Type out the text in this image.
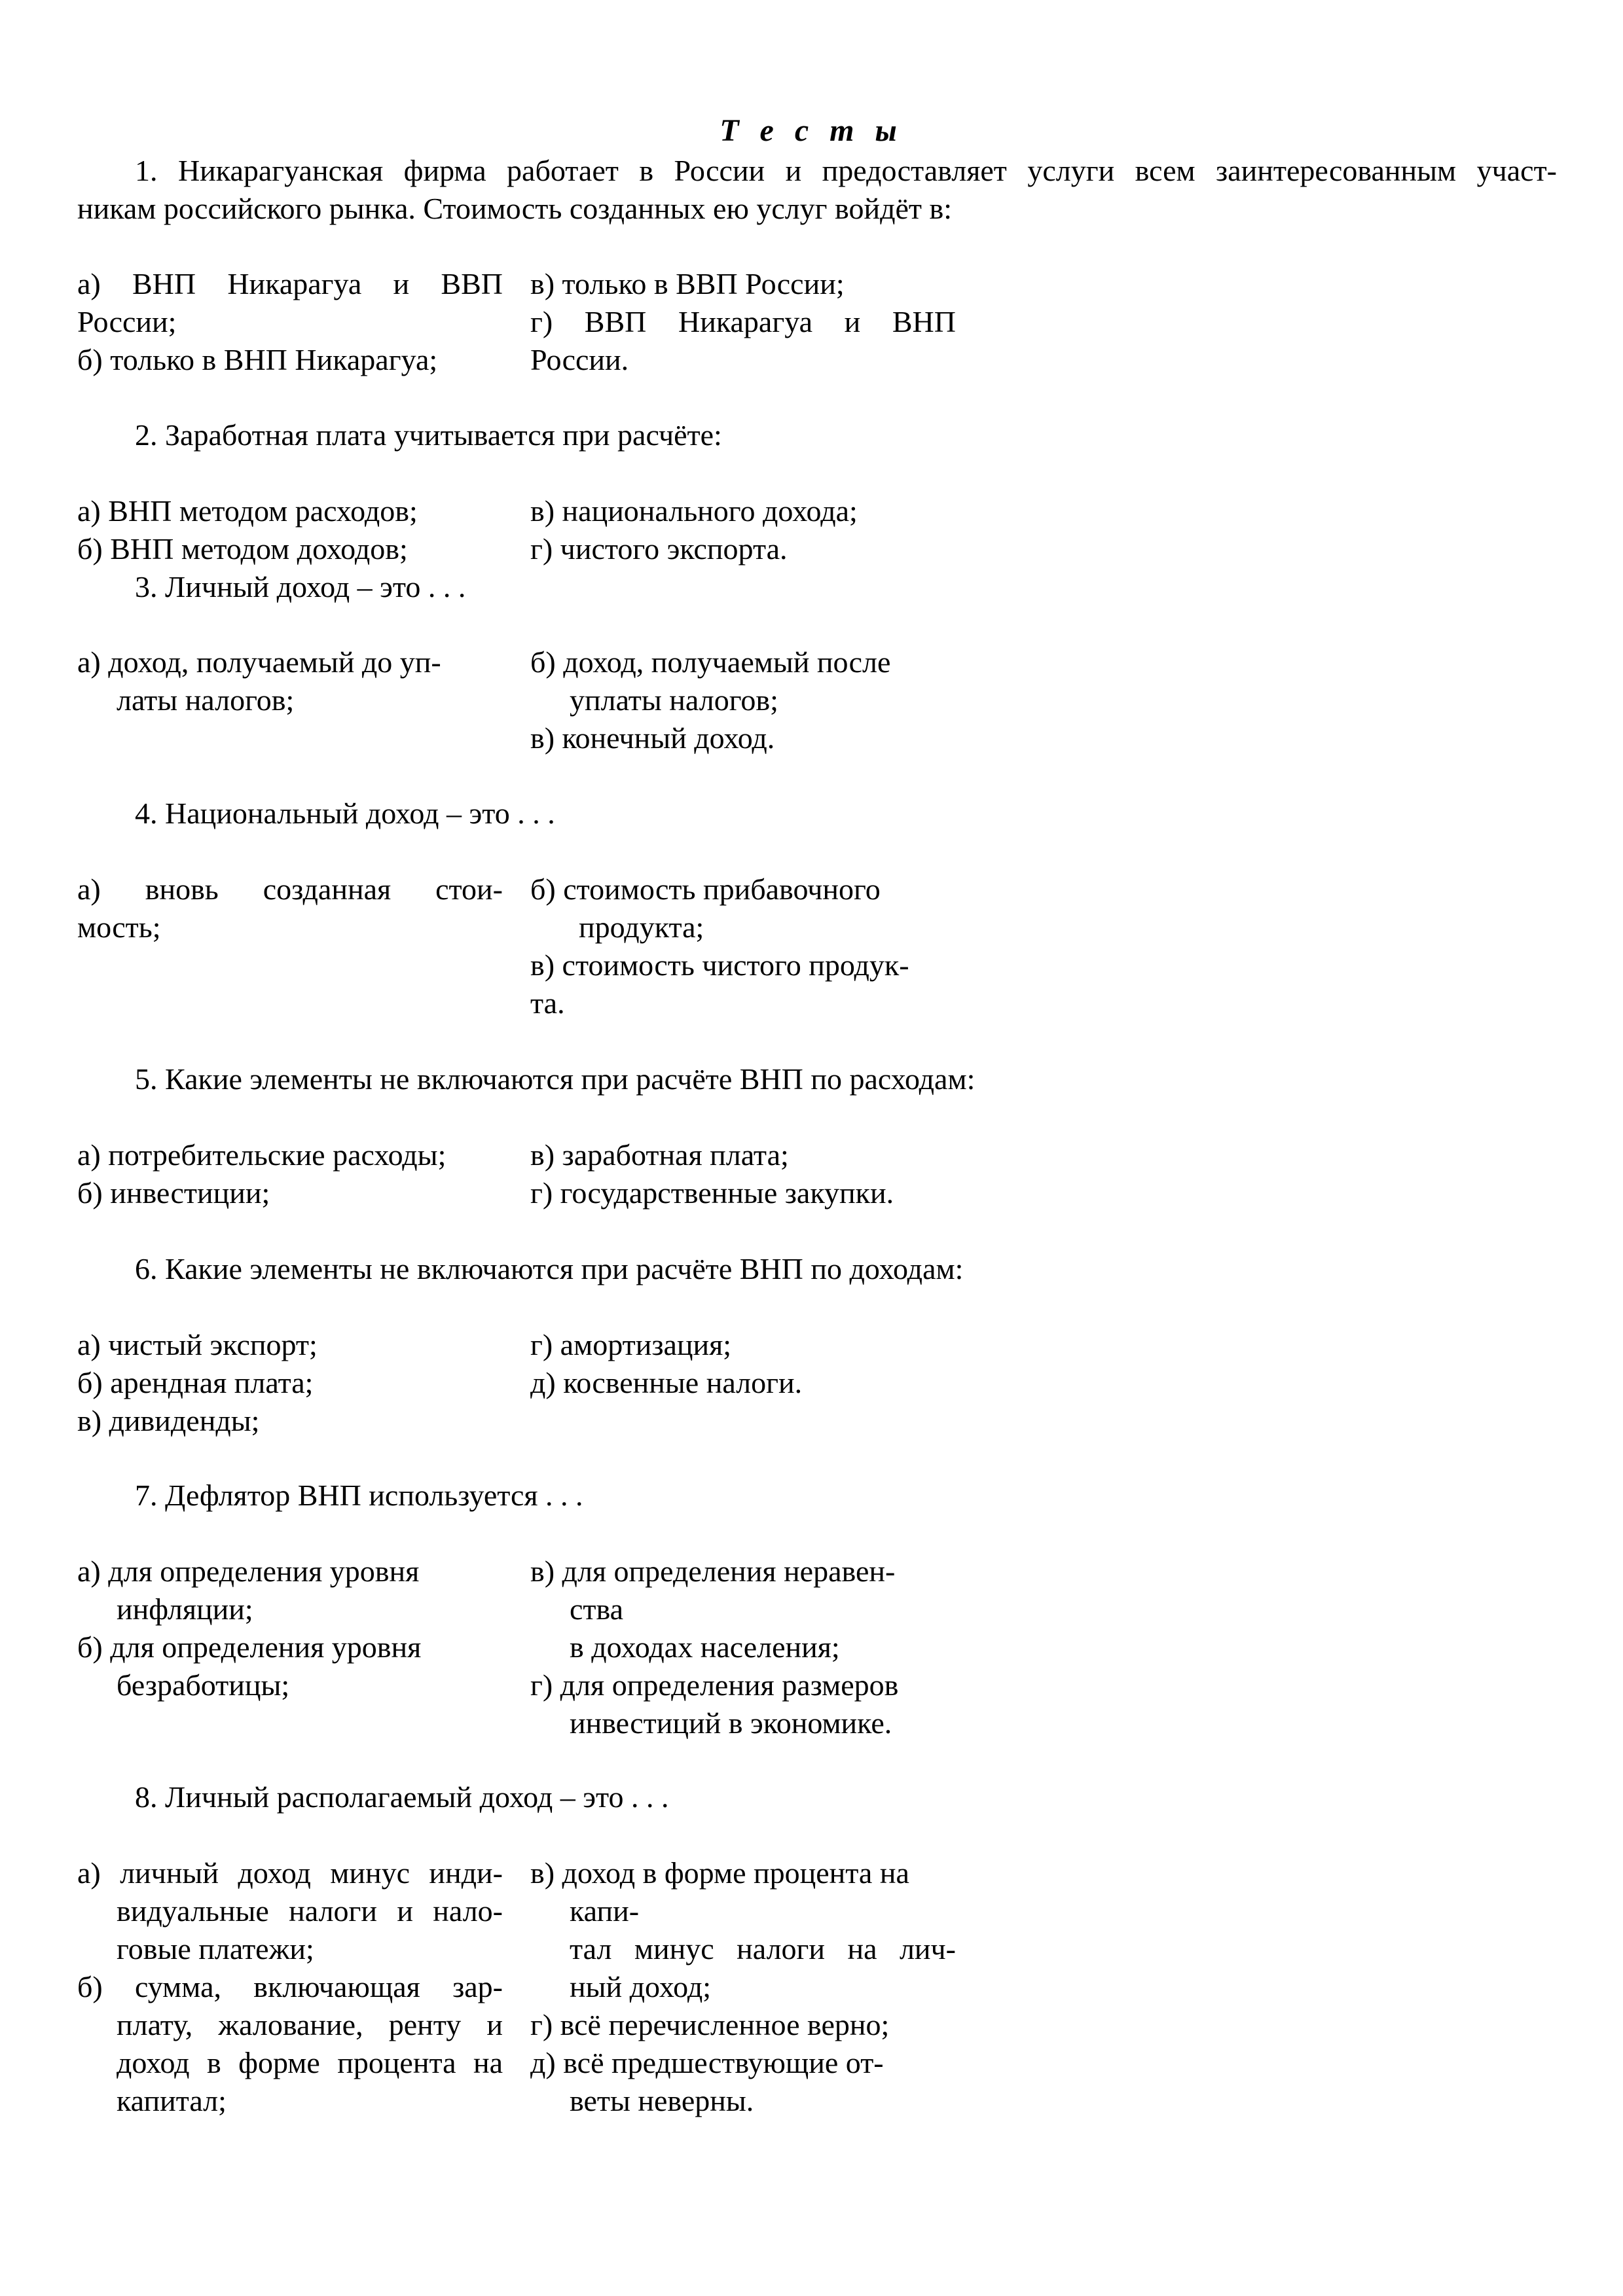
Т е с т ы
1. Никарагуанская фирма работает в России и предоставляет услуги всем заинтересованным участ-
никам российского рынка. Стоимость созданных ею услуг войдёт в:
а) ВНП Никарагуа и ВВП
России;
б) только в ВНП Никарагуа;
в) только в ВВП России;
г) ВВП Никарагуа и ВНП
России.
2. Заработная плата учитывается при расчёте:
а) ВНП методом расходов;
б) ВНП методом доходов;
в) национального дохода;
г) чистого экспорта.
3. Личный доход – это . . .
а) доход, получаемый до уп-
латы налогов;
б) доход, получаемый после
уплаты налогов;
в) конечный доход.
4. Национальный доход – это . . .
а) вновь созданная стои-
мость;
б) стоимость прибавочного
продукта;
в) стоимость чистого продук-
та.
5. Какие элементы не включаются при расчёте ВНП по расходам:
а) потребительские расходы;
б) инвестиции;
в) заработная плата;
г) государственные закупки.
6. Какие элементы не включаются при расчёте ВНП по доходам:
а) чистый экспорт;
б) арендная плата;
в) дивиденды;
г) амортизация;
д) косвенные налоги.
7. Дефлятор ВНП используется . . .
а) для определения уровня
инфляции;
б) для определения уровня
безработицы;
в) для определения неравен-
ства
в доходах населения;
г) для определения размеров
инвестиций в экономике.
8. Личный располагаемый доход – это . . .
а) личный доход минус инди-
видуальные налоги и нало-
говые платежи;
б) сумма, включающая зар-
плату, жалование, ренту и
доход в форме процента на
капитал;
в) доход в форме процента на
капи-
тал минус налоги на лич-
ный доход;
г) всё перечисленное верно;
д) всё предшествующие от-
веты неверны.
